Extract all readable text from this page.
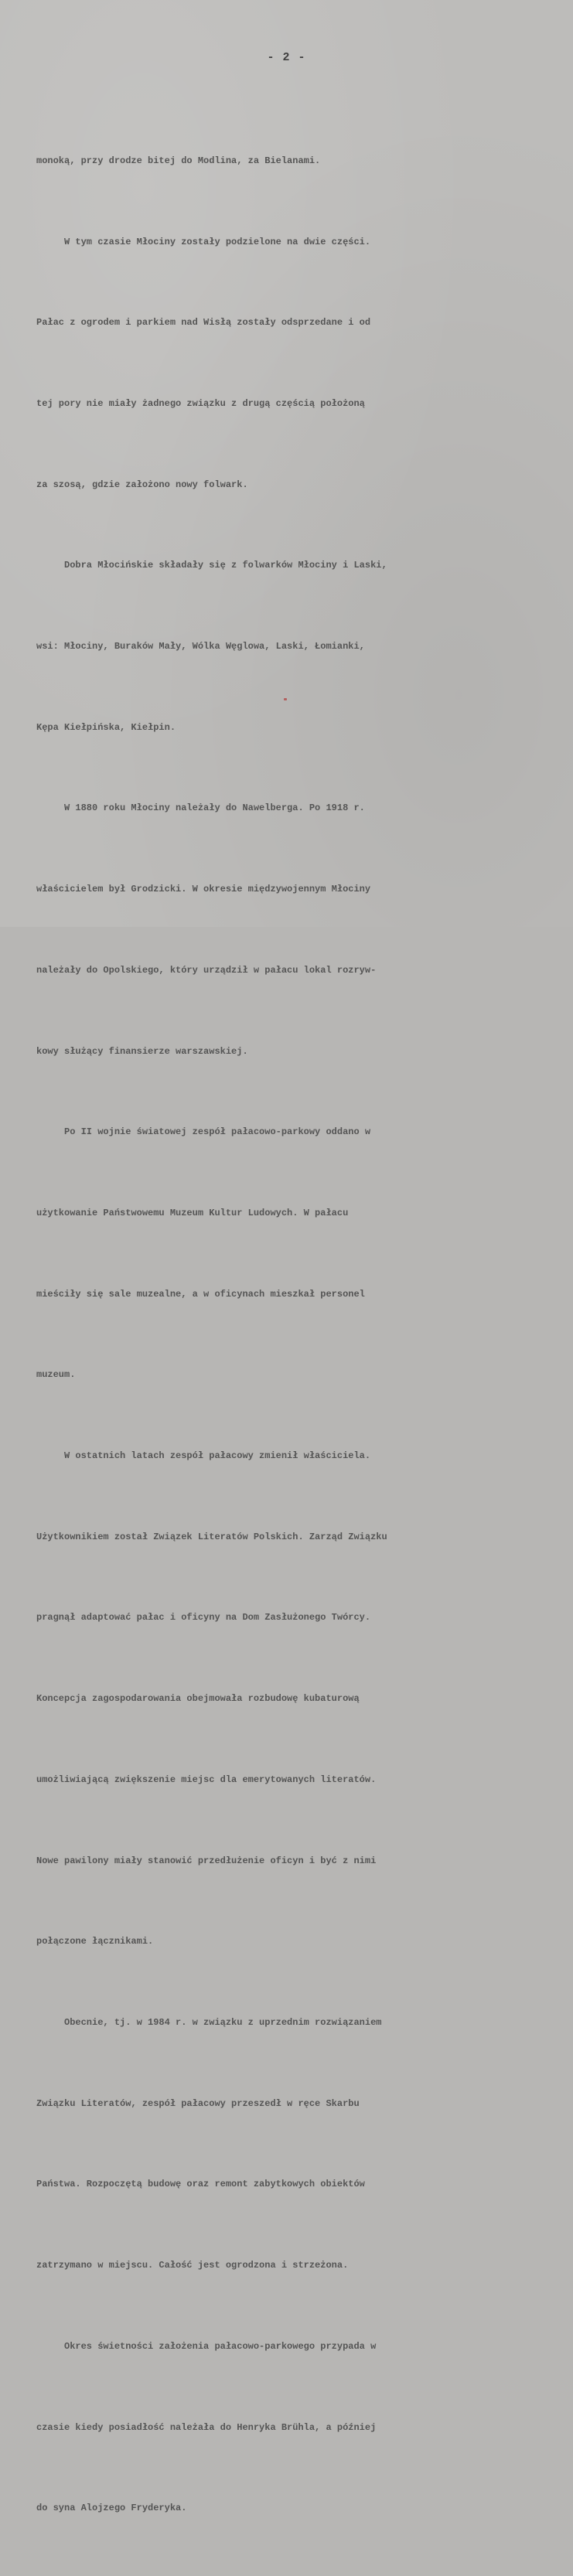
- 2 -

monoką, przy drodze bitej do Modlina, za Bielanami.

W tym czasie Młociny zostały podzielone na dwie części.

Pałac z ogrodem i parkiem nad Wisłą zostały odsprzedane i od

tej pory nie miały żadnego związku z drugą częścią położoną

za szosą, gdzie założono nowy folwark.

Dobra Młocińskie składały się z folwarków Młociny i Laski,

wsi: Młociny, Buraków Mały, Wólka Węglowa, Laski, Łomianki,

Kępa Kiełpińska, Kiełpin.

W 1880 roku Młociny należały do Nawelberga. Po 1918 r.

właścicielem był Grodzicki. W okresie międzywojennym Młociny

należały do Opolskiego, który urządził w pałacu lokal rozryw-

kowy służący finansierze warszawskiej.

Po II wojnie światowej zespół pałacowo-parkowy oddano w

użytkowanie Państwowemu Muzeum Kultur Ludowych. W pałacu

mieściły się sale muzealne, a w oficynach mieszkał personel

muzeum.

W ostatnich latach zespół pałacowy zmienił właściciela.

Użytkownikiem został Związek Literatów Polskich. Zarząd Związku

pragnął adaptować pałac i oficyny na Dom Zasłużonego Twórcy.

Koncepcja zagospodarowania obejmowała rozbudowę kubaturową

umożliwiającą zwiększenie miejsc dla emerytowanych literatów.

Nowe pawilony miały stanowić przedłużenie oficyn i być z nimi

połączone łącznikami.

Obecnie, tj. w 1984 r. w związku z uprzednim rozwiązaniem

Związku Literatów, zespół pałacowy przeszedł w ręce Skarbu

Państwa. Rozpoczętą budowę oraz remont zabytkowych obiektów

zatrzymano w miejscu. Całość jest ogrodzona i strzeżona.

Okres świetności założenia pałacowo-parkowego przypada w

czasie kiedy posiadłość należała do Henryka Brühla, a później

do syna Alojzego Fryderyka.
